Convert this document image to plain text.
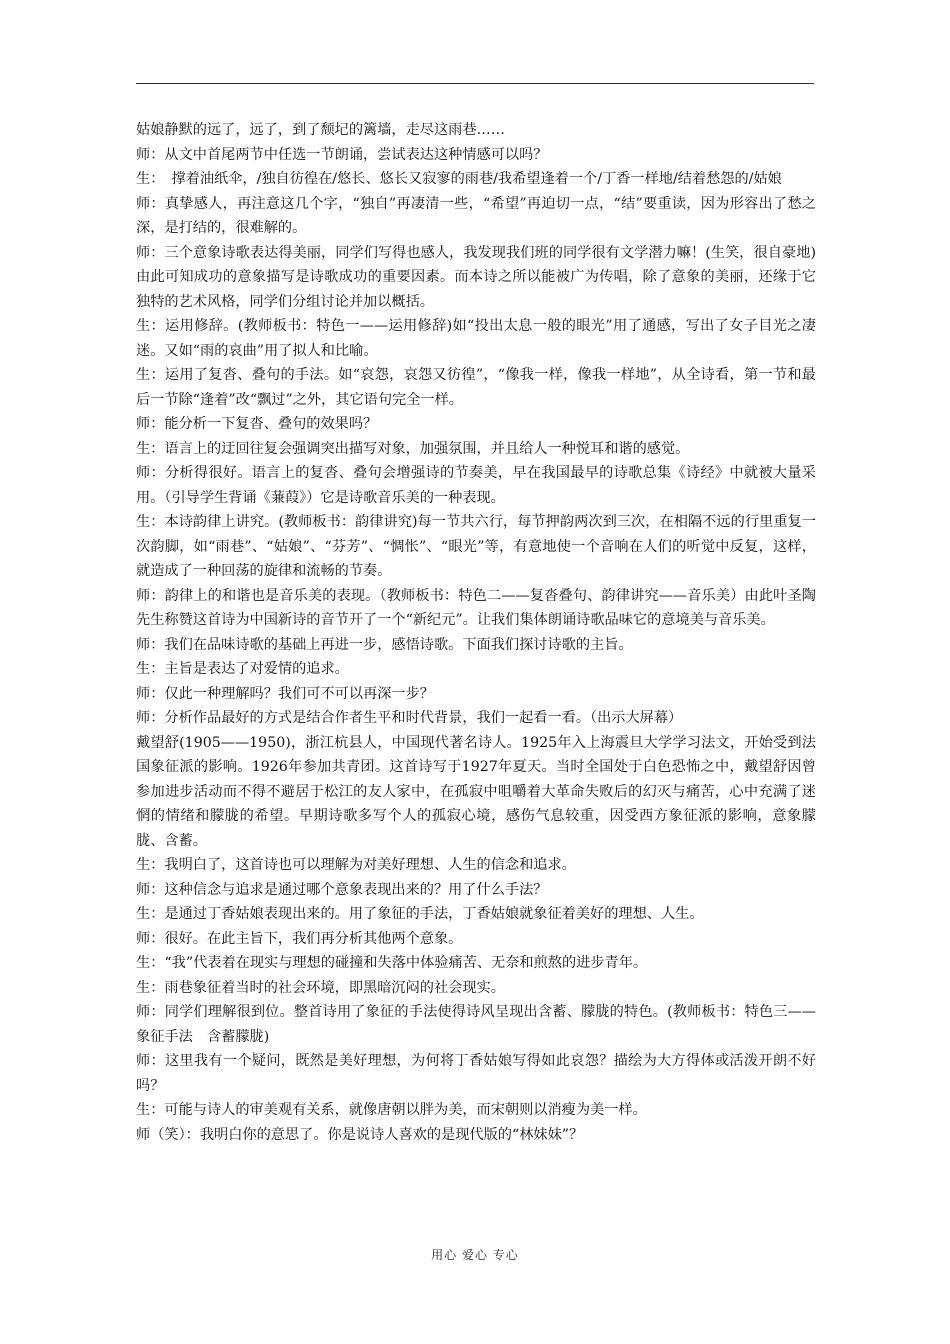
姑娘静默的远了，远了，到了颓圮的篱墙，走尽这雨巷……

师：从文中首尾两节中任选一节朗诵，尝试表达这种情感可以吗？

生：　撑着油纸伞，/独自彷徨在/悠长、悠长又寂寥的雨巷/我希望逢着一个/丁香一样地/结着愁怨的/姑娘

师：真挚感人，再注意这几个字，“独自”再凄清一些，“希望”再迫切一点，“结”要重读，因为形容出了愁之深，是打结的，很难解的。

师：三个意象诗歌表达得美丽，同学们写得也感人，我发现我们班的同学很有文学潜力嘛！(生笑，很自豪地)由此可知成功的意象描写是诗歌成功的重要因素。而本诗之所以能被广为传唱，除了意象的美丽，还缘于它独特的艺术风格，同学们分组讨论并加以概括。

生：运用修辞。(教师板书：特色一——运用修辞)如“投出太息一般的眼光”用了通感，写出了女子目光之凄迷。又如“雨的哀曲”用了拟人和比喻。

生：运用了复沓、叠句的手法。如“哀怨，哀怨又彷徨”，“像我一样，像我一样地”，从全诗看，第一节和最后一节除“逢着”改“飘过”之外，其它语句完全一样。

师：能分析一下复沓、叠句的效果吗？

生：语言上的迂回往复会强调突出描写对象，加强氛围，并且给人一种悦耳和谐的感觉。

师：分析得很好。语言上的复沓、叠句会增强诗的节奏美，早在我国最早的诗歌总集《诗经》中就被大量采用。（引导学生背诵《蒹葭》）它是诗歌音乐美的一种表现。

生：本诗韵律上讲究。(教师板书：韵律讲究)每一节共六行，每节押韵两次到三次，在相隔不远的行里重复一次韵脚，如“雨巷”、“姑娘”、“芬芳”、“惆怅”、“眼光”等，有意地使一个音响在人们的听觉中反复，这样，就造成了一种回荡的旋律和流畅的节奏。

师：韵律上的和谐也是音乐美的表现。（教师板书：特色二——复沓叠句、韵律讲究——音乐美）由此叶圣陶先生称赞这首诗为中国新诗的音节开了一个“新纪元”。让我们集体朗诵诗歌品味它的意境美与音乐美。

师：我们在品味诗歌的基础上再进一步，感悟诗歌。下面我们探讨诗歌的主旨。

生：主旨是表达了对爱情的追求。

师：仅此一种理解吗？我们可不可以再深一步？

师：分析作品最好的方式是结合作者生平和时代背景，我们一起看一看。（出示大屏幕）

戴望舒(1905——1950)，浙江杭县人，中国现代著名诗人。1925年入上海震旦大学学习法文，开始受到法国象征派的影响。1926年参加共青团。这首诗写于1927年夏天。当时全国处于白色恐怖之中，戴望舒因曾参加进步活动而不得不避居于松江的友人家中，在孤寂中咀嚼着大革命失败后的幻灭与痛苦，心中充满了迷惘的情绪和朦胧的希望。早期诗歌多写个人的孤寂心境，感伤气息较重，因受西方象征派的影响，意象朦胧、含蓄。

生：我明白了，这首诗也可以理解为对美好理想、人生的信念和追求。

师：这种信念与追求是通过哪个意象表现出来的？用了什么手法？

生：是通过丁香姑娘表现出来的。用了象征的手法，丁香姑娘就象征着美好的理想、人生。

师：很好。在此主旨下，我们再分析其他两个意象。

生：“我”代表着在现实与理想的碰撞和失落中体验痛苦、无奈和煎熬的进步青年。

生：雨巷象征着当时的社会环境，即黑暗沉闷的社会现实。

师：同学们理解很到位。整首诗用了象征的手法使得诗风呈现出含蓄、朦胧的特色。(教师板书：特色三——象征手法　含蓄朦胧)

师：这里我有一个疑问，既然是美好理想，为何将丁香姑娘写得如此哀怨？描绘为大方得体或活泼开朗不好吗？

生：可能与诗人的审美观有关系，就像唐朝以胖为美，而宋朝则以消瘦为美一样。

师（笑）：我明白你的意思了。你是说诗人喜欢的是现代版的“林妹妹”？

用心 爱心 专心
